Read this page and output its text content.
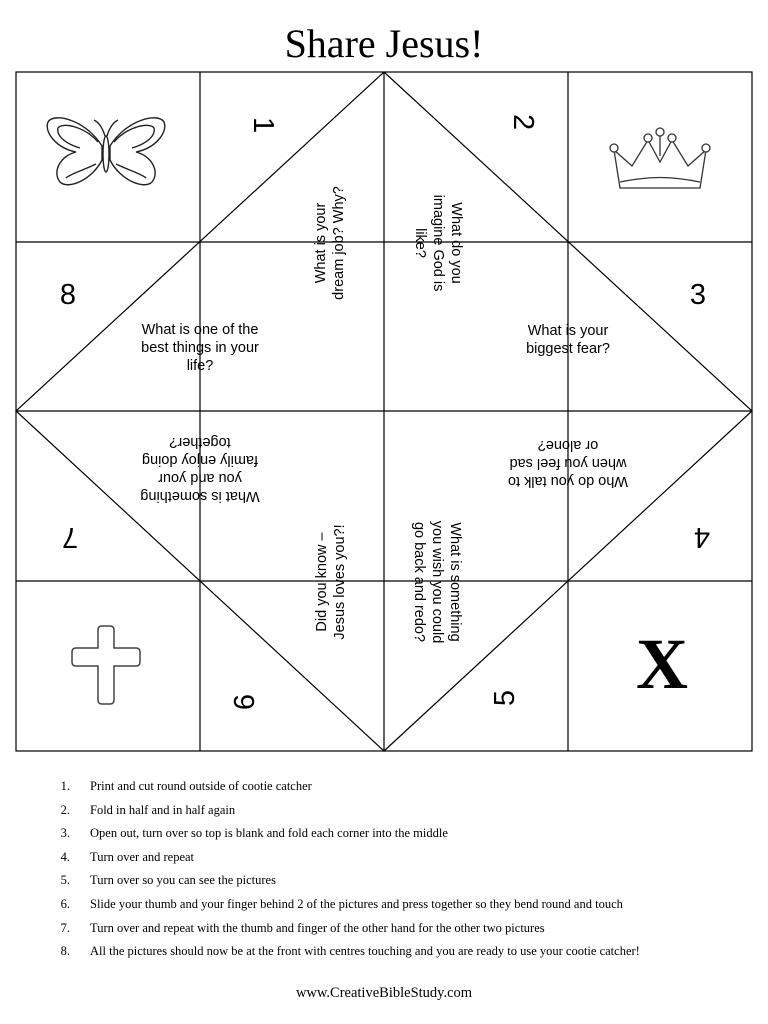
Share Jesus!
X
1	2
3
4
5
6
7
8
What is your dream job? Why?	What do youimagine God islike?
What is your biggest fear?
Who do you talk towhen you feel sador alone?
What is somethingyou wish you couldgo back and redo?
Did you know – Jesus loves you?!
What is somethingyou and yourfamily enjoy doingtogether?
What is one of the best things in your life?
1. Print and cut round outside of cootie catcher
2. Fold in half and in half again
3. Open out, turn over so top is blank and fold each corner into the middle
4. Turn over and repeat
5. Turn over so you can see the pictures
6. Slide your thumb and your finger behind 2 of the pictures and press together so they bend round and touch
7. Turn over and repeat with the thumb and finger of the other hand for the other two pictures
8. All the pictures should now be at the front with centres touching and you are ready to use your cootie catcher!
www.CreativeBibleStudy.com
